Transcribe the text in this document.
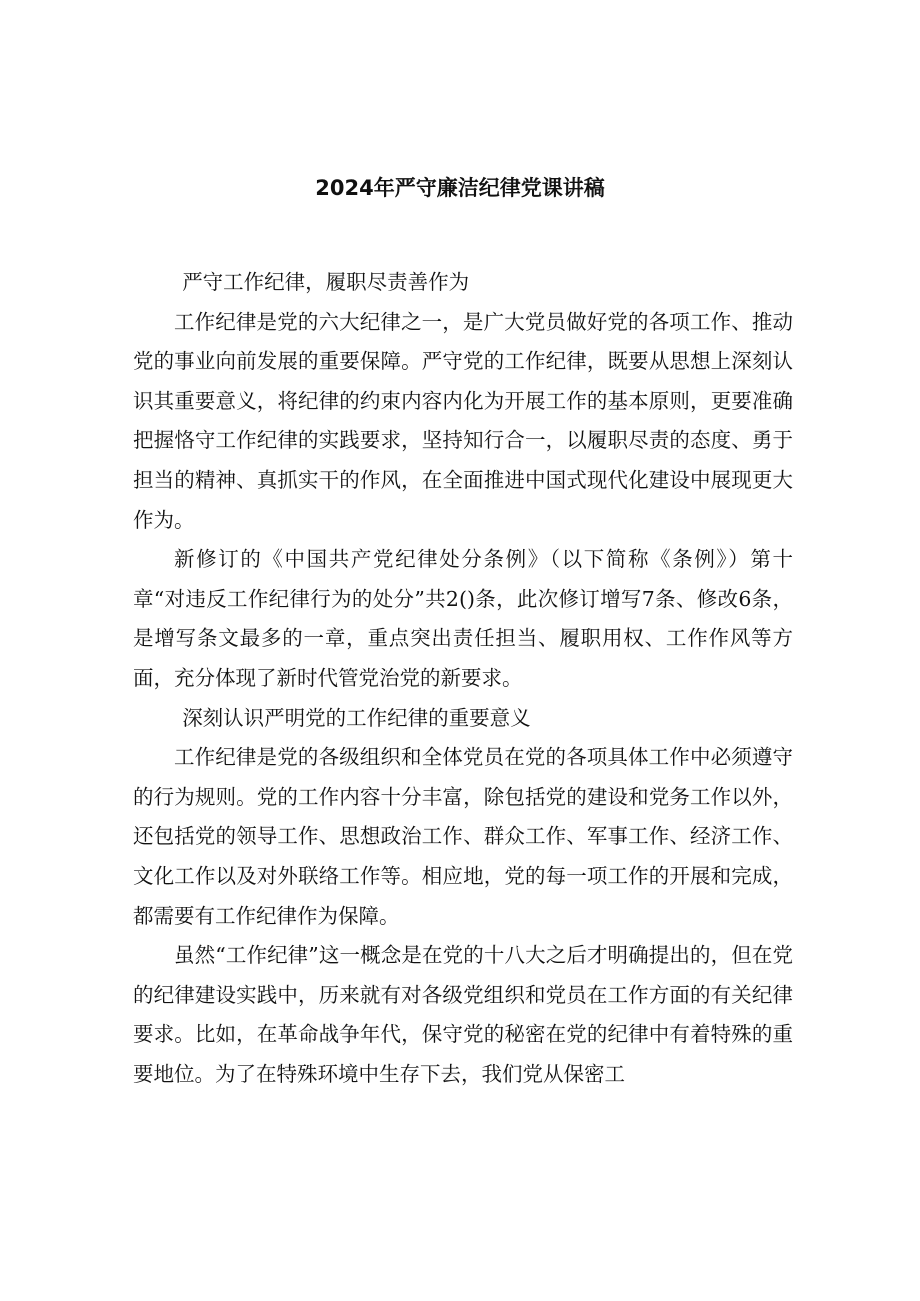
2024年严守廉洁纪律党课讲稿

严守工作纪律，履职尽责善作为

工作纪律是党的六大纪律之一，是广大党员做好党的各项工作、推动党的事业向前发展的重要保障。严守党的工作纪律，既要从思想上深刻认识其重要意义，将纪律的约束内容内化为开展工作的基本原则，更要准确把握恪守工作纪律的实践要求，坚持知行合一，以履职尽责的态度、勇于担当的精神、真抓实干的作风，在全面推进中国式现代化建设中展现更大作为。

新修订的《中国共产党纪律处分条例》（以下简称《条例》）第十章“对违反工作纪律行为的处分”共2()条，此次修订增写7条、修改6条，是增写条文最多的一章，重点突出责任担当、履职用权、工作作风等方面，充分体现了新时代管党治党的新要求。

深刻认识严明党的工作纪律的重要意义

工作纪律是党的各级组织和全体党员在党的各项具体工作中必须遵守的行为规则。党的工作内容十分丰富，除包括党的建设和党务工作以外，还包括党的领导工作、思想政治工作、群众工作、军事工作、经济工作、文化工作以及对外联络工作等。相应地，党的每一项工作的开展和完成，都需要有工作纪律作为保障。

虽然“工作纪律”这一概念是在党的十八大之后才明确提出的，但在党的纪律建设实践中，历来就有对各级党组织和党员在工作方面的有关纪律要求。比如，在革命战争年代，保守党的秘密在党的纪律中有着特殊的重要地位。为了在特殊环境中生存下去，我们党从保密工
